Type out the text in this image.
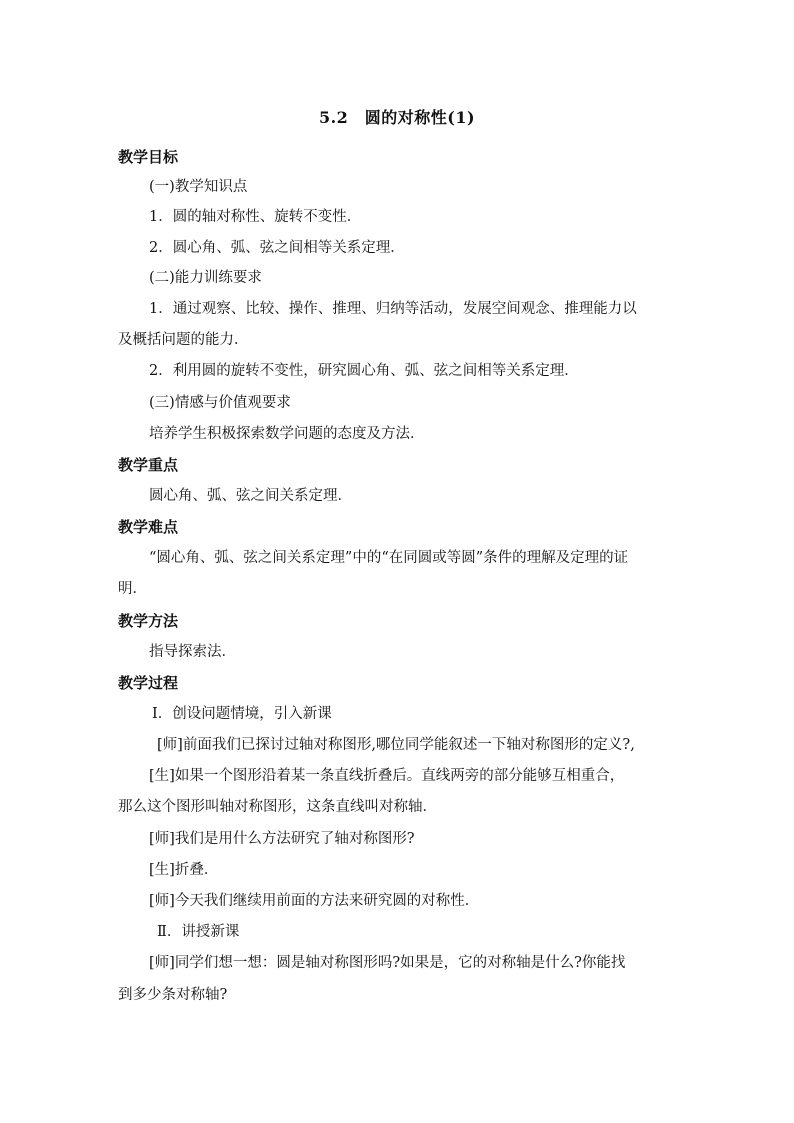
5.2　圆的对称性(1)
教学目标
(一)教学知识点
1．圆的轴对称性、旋转不变性．
2．圆心角、弧、弦之间相等关系定理．
(二)能力训练要求
1．通过观察、比较、操作、推理、归纳等活动，发展空间观念、推理能力以
及概括问题的能力．
2．利用圆的旋转不变性，研究圆心角、弧、弦之间相等关系定理．
(三)情感与价值观要求
培养学生积极探索数学问题的态度及方法．
教学重点
圆心角、弧、弦之间关系定理．
教学难点
“圆心角、弧、弦之间关系定理”中的“在同圆或等圆”条件的理解及定理的证
明．
教学方法
指导探索法．
教学过程
Ⅰ．创设问题情境，引入新课
[师]前面我们已探讨过轴对称图形,哪位同学能叙述一下轴对称图形的定义?,
[生]如果一个图形沿着某一条直线折叠后。直线两旁的部分能够互相重合，
那么这个图形叫轴对称图形，这条直线叫对称轴．
[师]我们是用什么方法研究了轴对称图形?
[生]折叠．
[师]今天我们继续用前面的方法来研究圆的对称性．
Ⅱ．讲授新课
[师]同学们想一想：圆是轴对称图形吗?如果是，它的对称轴是什么?你能找
到多少条对称轴?
